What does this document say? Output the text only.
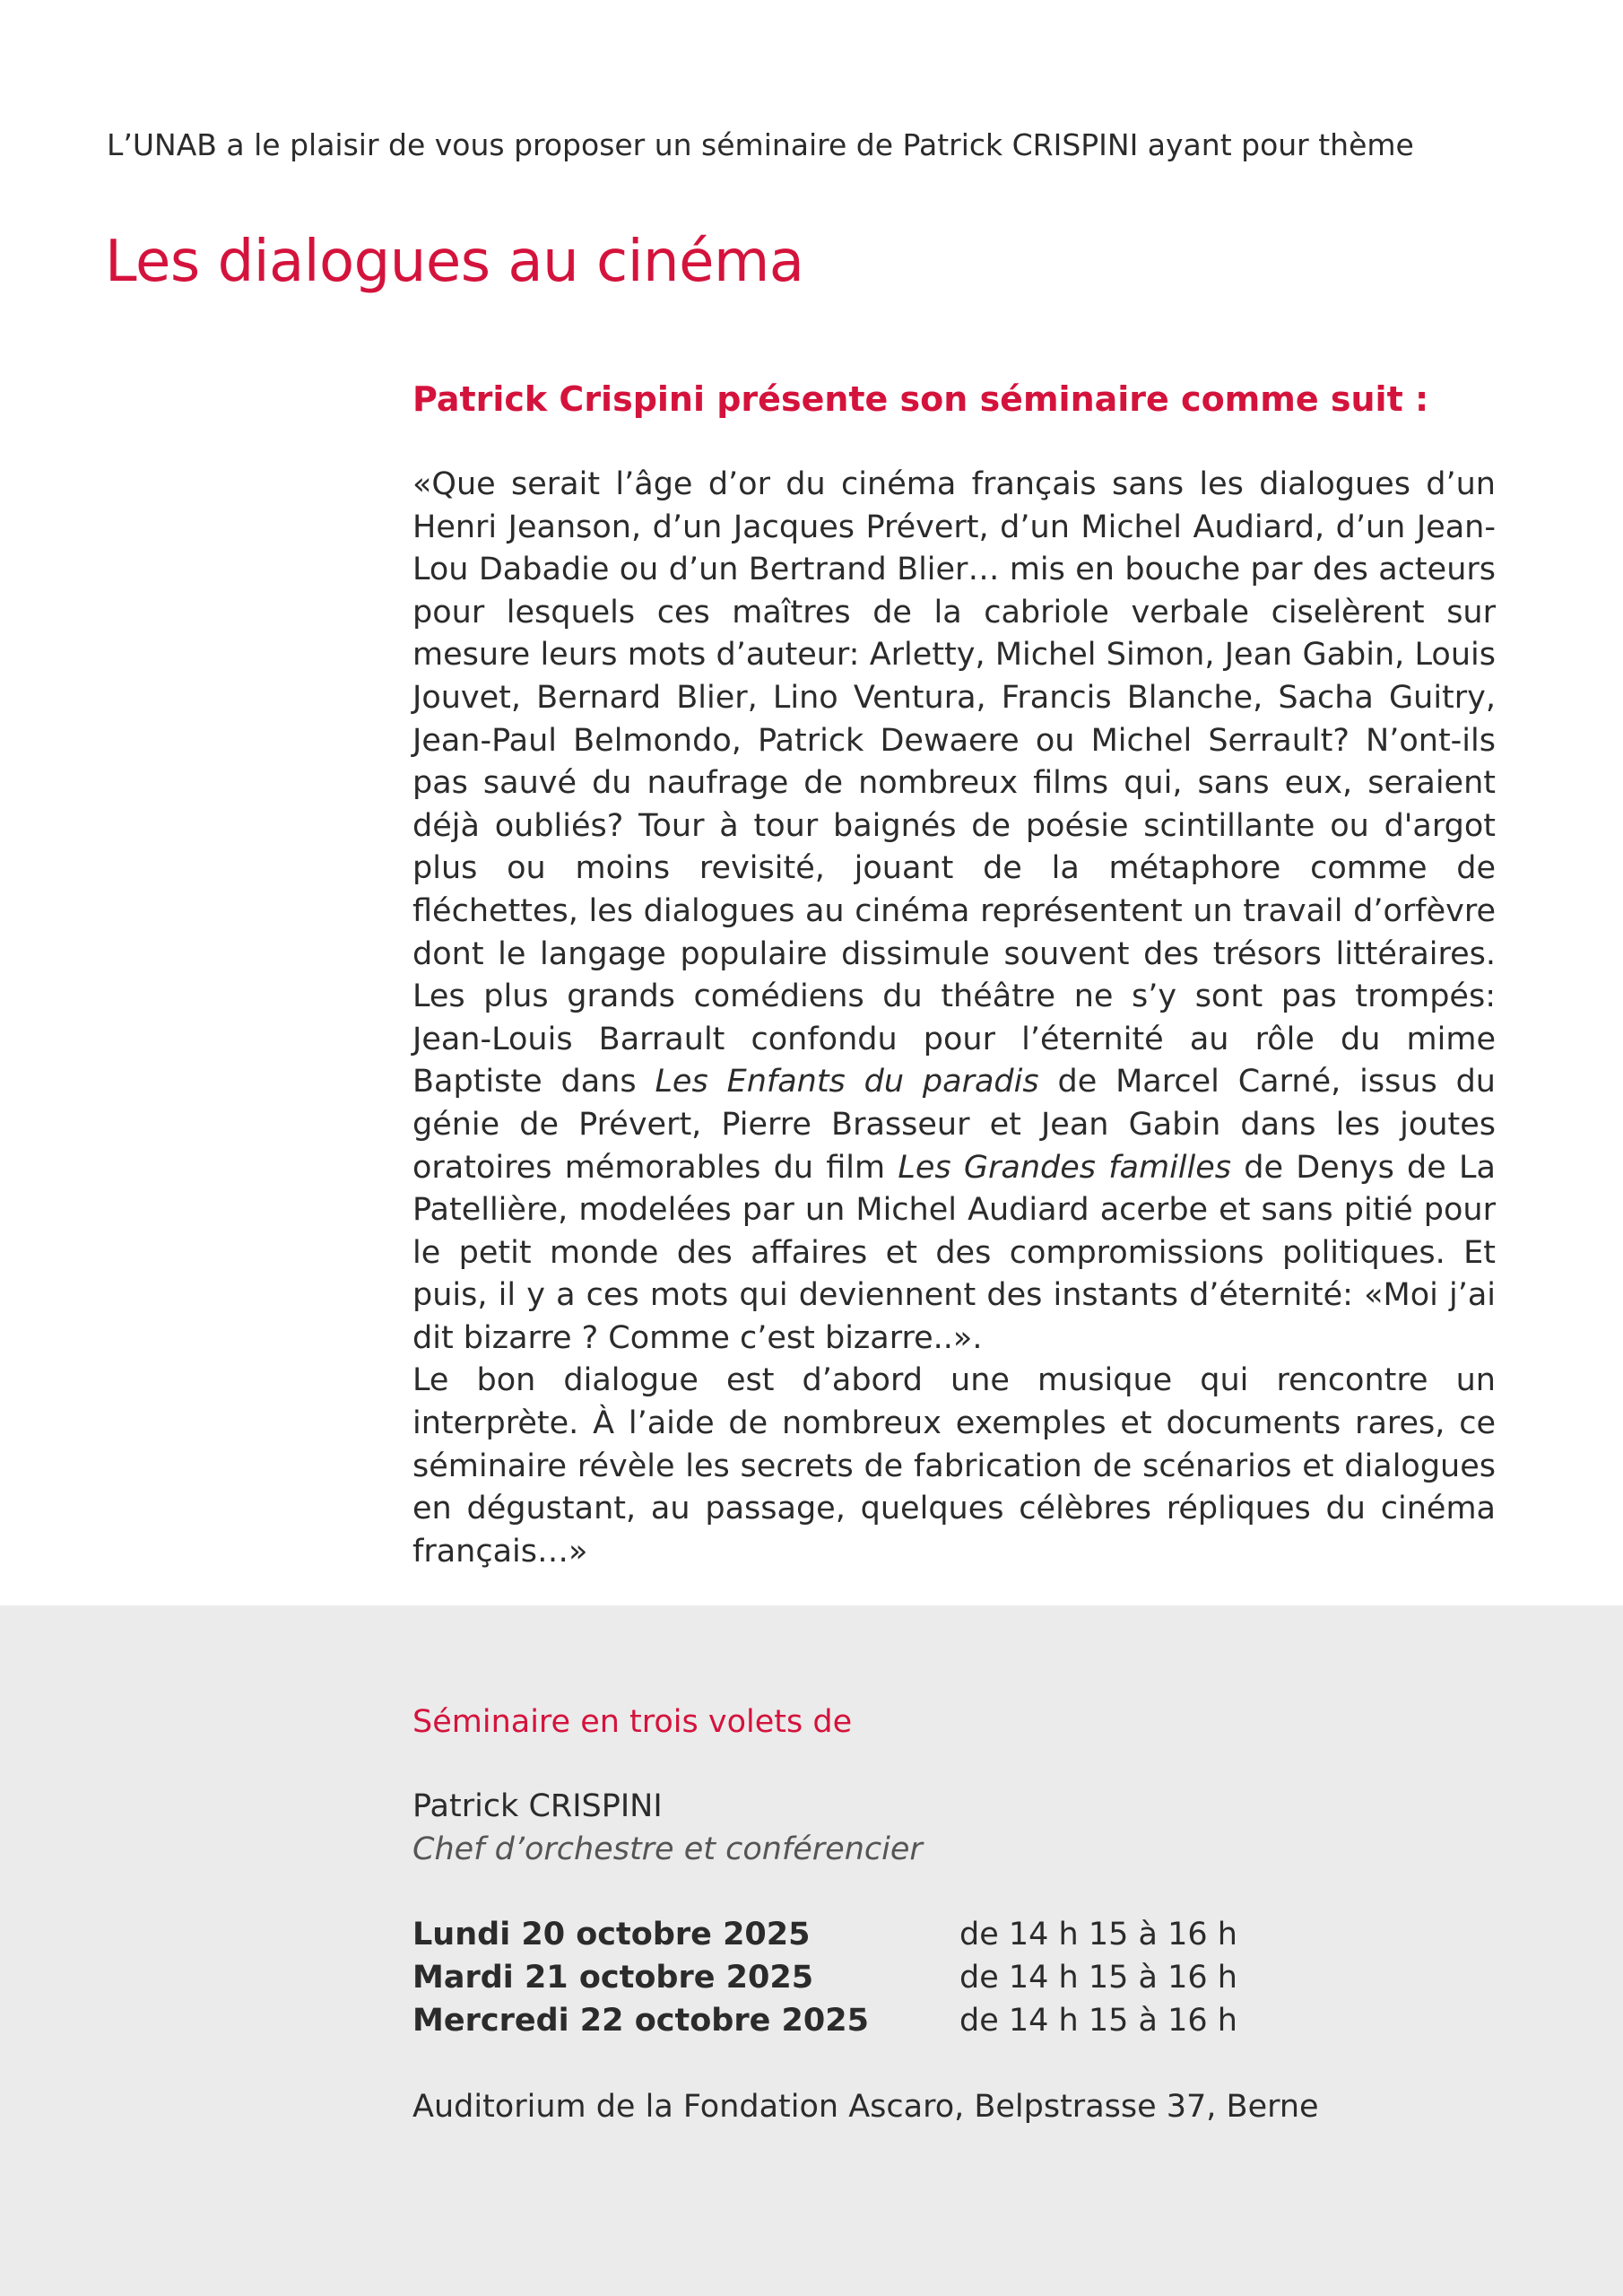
L’UNAB a le plaisir de vous proposer un séminaire de Patrick CRISPINI ayant pour thème
Les dialogues au cinéma
Patrick Crispini présente son séminaire comme suit :

«Que serait l’âge d’or du cinéma français sans les dialogues d’un Henri Jeanson, d’un Jacques Prévert, d’un Michel Audiard, d’un Jean-Lou Dabadie ou d’un Bertrand Blier… mis en bouche par des acteurs pour lesquels ces maîtres de la cabriole verbale ciselèrent sur mesure leurs mots d’auteur: Arletty, Michel Simon, Jean Gabin, Louis Jouvet, Bernard Blier, Lino Ventura, Francis Blanche, Sacha Guitry, Jean-Paul Belmondo, Patrick Dewaere ou Michel Serrault? N’ont-ils pas sauvé du naufrage de nombreux films qui, sans eux, seraient déjà oubliés? Tour à tour baignés de poésie scintillante ou d'argot plus ou moins revisité, jouant de la métaphore comme de fléchettes, les dialogues au cinéma représentent un travail d’orfèvre dont le langage populaire dissimule souvent des trésors littéraires. Les plus grands comédiens du théâtre ne s’y sont pas trompés: Jean-Louis Barrault confondu pour l’éternité au rôle du mime Baptiste dans Les Enfants du paradis de Marcel Carné, issus du génie de Prévert, Pierre Brasseur et Jean Gabin dans les joutes oratoires mémorables du film Les Grandes familles de Denys de La Patellière, modelées par un Michel Audiard acerbe et sans pitié pour le petit monde des affaires et des compromissions politiques. Et puis, il y a ces mots qui deviennent des instants d’éternité: «Moi j’ai dit bizarre ? Comme c’est bizarre..».

Le bon dialogue est d’abord une musique qui rencontre un interprète. À l’aide de nombreux exemples et documents rares, ce séminaire révèle les secrets de fabrication de scénarios et dialogues en dégustant, au passage, quelques célèbres répliques du cinéma français…»

Séminaire en trois volets de
Patrick CRISPINI
Chef d’orchestre et conférencier
Lundi 20 octobre 2025	de 14 h 15 à 16 h
Mardi 21 octobre 2025	de 14 h 15 à 16 h
Mercredi 22 octobre 2025	de 14 h 15 à 16 h
Auditorium de la Fondation Ascaro, Belpstrasse 37, Berne
